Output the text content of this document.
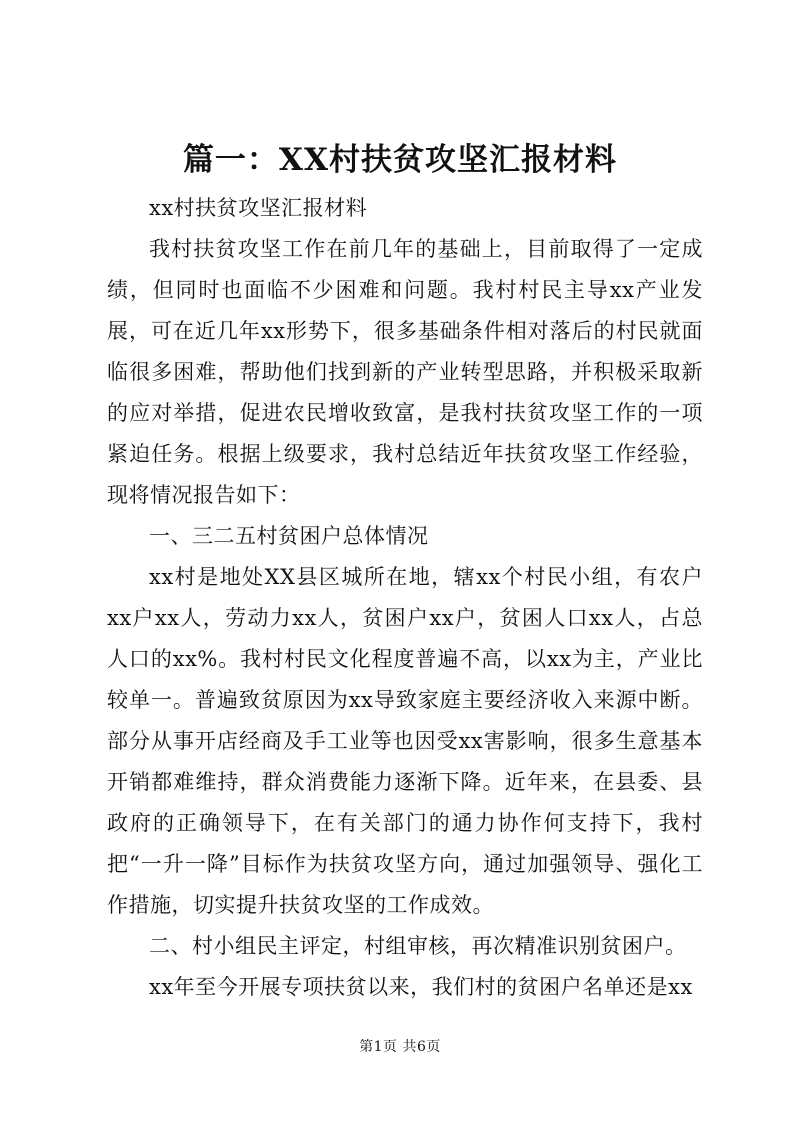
篇一：XX村扶贫攻坚汇报材料

xx村扶贫攻坚汇报材料

我村扶贫攻坚工作在前几年的基础上，目前取得了一定成绩，但同时也面临不少困难和问题。我村村民主导xx产业发展，可在近几年xx形势下，很多基础条件相对落后的村民就面临很多困难，帮助他们找到新的产业转型思路，并积极采取新的应对举措，促进农民增收致富，是我村扶贫攻坚工作的一项紧迫任务。根据上级要求，我村总结近年扶贫攻坚工作经验，现将情况报告如下：

一、三二五村贫困户总体情况

xx村是地处XX县区城所在地，辖xx个村民小组，有农户xx户xx人，劳动力xx人，贫困户xx户，贫困人口xx人，占总人口的xx%。我村村民文化程度普遍不高，以xx为主，产业比较单一。普遍致贫原因为xx导致家庭主要经济收入来源中断。部分从事开店经商及手工业等也因受xx害影响，很多生意基本开销都难维持，群众消费能力逐渐下降。近年来，在县委、县政府的正确领导下，在有关部门的通力协作何支持下，我村把“一升一降”目标作为扶贫攻坚方向，通过加强领导、强化工作措施，切实提升扶贫攻坚的工作成效。

二、村小组民主评定，村组审核，再次精准识别贫困户。

xx年至今开展专项扶贫以来，我们村的贫困户名单还是xx

第1页 共6页
